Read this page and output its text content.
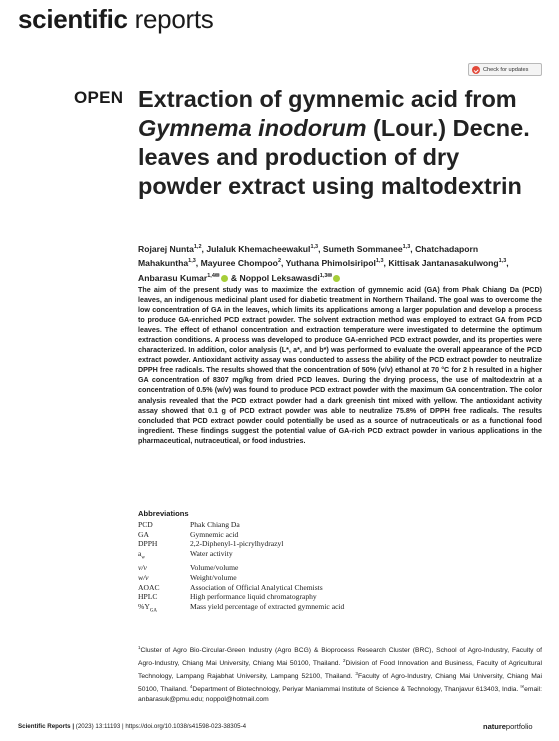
scientific reports
Check for updates
OPEN Extraction of gymnemic acid from Gymnema inodorum (Lour.) Decne. leaves and production of dry powder extract using maltodextrin
Rojarej Nunta$^{1,2}$, Julaluk Khemacheewakul$^{1,3}$, Sumeth Sommanee$^{1,3}$, Chatchadaporn Mahakuntha$^{1,3}$, Mayuree Chompoo$^2$, Yuthana Phimolsiripol$^{1,3}$, Kittisak Jantanasakulwong$^{1,3}$, Anbarasu Kumar$^{1,4✉}$ & Noppol Leksawasdi$^{1,3✉}$
The aim of the present study was to maximize the extraction of gymnemic acid (GA) from Phak Chiang Da (PCD) leaves, an indigenous medicinal plant used for diabetic treatment in Northern Thailand. The goal was to overcome the low concentration of GA in the leaves, which limits its applications among a larger population and develop a process to produce GA-enriched PCD extract powder. The solvent extraction method was employed to extract GA from PCD leaves. The effect of ethanol concentration and extraction temperature were investigated to determine the optimum extraction conditions. A process was developed to produce GA-enriched PCD extract powder, and its properties were characterized. In addition, color analysis (L*, a*, and b*) was performed to evaluate the overall appearance of the PCD extract powder. Antioxidant activity assay was conducted to assess the ability of the PCD extract powder to neutralize DPPH free radicals. The results showed that the concentration of 50% (v/v) ethanol at 70 °C for 2 h resulted in a higher GA concentration of 8307 mg/kg from dried PCD leaves. During the drying process, the use of maltodextrin at a concentration of 0.5% (w/v) was found to produce PCD extract powder with the maximum GA concentration. The color analysis revealed that the PCD extract powder had a dark greenish tint mixed with yellow. The antioxidant activity assay showed that 0.1 g of PCD extract powder was able to neutralize 75.8% of DPPH free radicals. The results concluded that PCD extract powder could potentially be used as a source of nutraceuticals or as a functional food ingredient. These findings suggest the potential value of GA-rich PCD extract powder in various applications in the pharmaceutical, nutraceutical, or food industries.
Abbreviations
PCD	Phak Chiang Da
GA	Gymnemic acid
DPPH	2,2-Diphenyl-1-picrylhydrazyl
$a_w$	Water activity
v/v	Volume/volume
w/v	Weight/volume
AOAC	Association of Official Analytical Chemists
HPLC	High performance liquid chromatography
$\%Y_{GA}$	Mass yield percentage of extracted gymnemic acid
$^1$Cluster of Agro Bio-Circular-Green Industry (Agro BCG) & Bioprocess Research Cluster (BRC), School of Agro-Industry, Faculty of Agro-Industry, Chiang Mai University, Chiang Mai 50100, Thailand. $^2$Division of Food Innovation and Business, Faculty of Agricultural Technology, Lampang Rajabhat University, Lampang 52100, Thailand. $^3$Faculty of Agro-Industry, Chiang Mai University, Chiang Mai 50100, Thailand. $^4$Department of Biotechnology, Periyar Maniammai Institute of Science & Technology, Thanjavur 613403, India. ✉email: anbarasuk@pmu.edu; noppol@hotmail.com
Scientific Reports | (2023) 13:11193 | https://doi.org/10.1038/s41598-023-38305-4	natureportfolio
